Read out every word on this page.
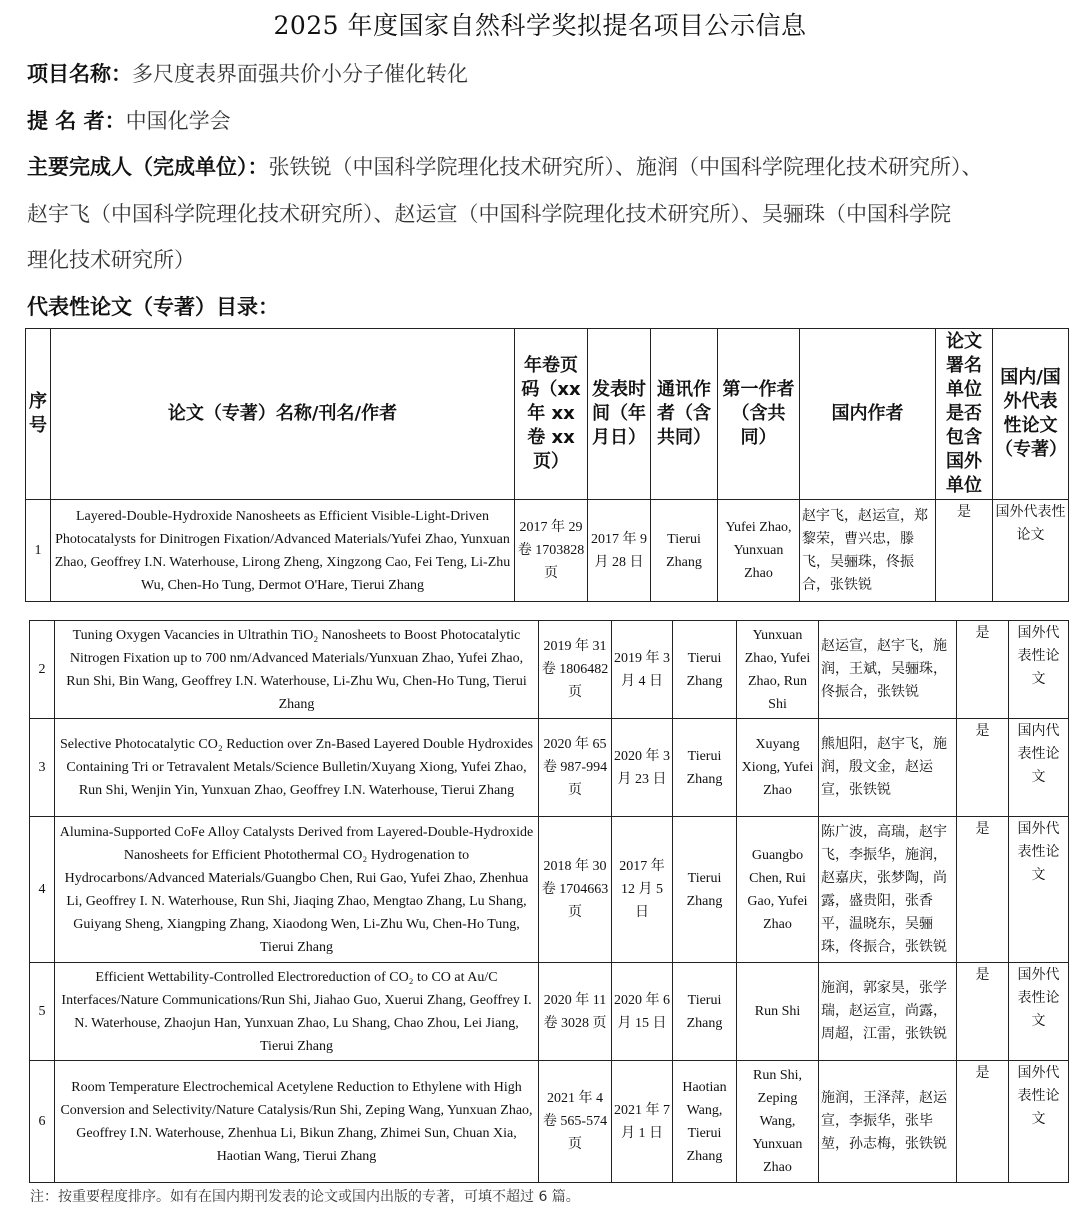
2025 年度国家自然科学奖拟提名项目公示信息
项目名称：多尺度表界面强共价小分子催化转化
提 名 者：中国化学会
主要完成人（完成单位）：张铁锐（中国科学院理化技术研究所）、施润（中国科学院理化技术研究所）、
赵宇飞（中国科学院理化技术研究所）、赵运宣（中国科学院理化技术研究所）、吴骊珠（中国科学院
理化技术研究所）
代表性论文（专著）目录：
序号	论文（专著）名称/刊名/作者	年卷页码（xx 年 xx 卷 xx 页）	发表时间（年月日）	通讯作者（含共同）	第一作者（含共同）	国内作者	论文署名单位是否包含国外单位	国内/国外代表性论文（专著）
1	Layered-Double-Hydroxide Nanosheets as Efficient Visible-Light-Driven Photocatalysts for Dinitrogen Fixation/Advanced Materials/Yufei Zhao, Yunxuan Zhao, Geoffrey I.N. Waterhouse, Lirong Zheng, Xingzong Cao, Fei Teng, Li-Zhu Wu, Chen-Ho Tung, Dermot O'Hare, Tierui Zhang	2017 年 29 卷 1703828 页	2017 年 9 月 28 日	Tierui Zhang	Yufei Zhao, Yunxuan Zhao	赵宇飞，赵运宣，郑黎荣，曹兴忠，滕飞，吴骊珠，佟振合，张铁锐	是	国外代表性论文
2	Tuning Oxygen Vacancies in Ultrathin TiO₂ Nanosheets to Boost Photocatalytic Nitrogen Fixation up to 700 nm/Advanced Materials/Yunxuan Zhao, Yufei Zhao, Run Shi, Bin Wang, Geoffrey I.N. Waterhouse, Li-Zhu Wu, Chen-Ho Tung, Tierui Zhang	2019 年 31 卷 1806482 页	2019 年 3 月 4 日	Tierui Zhang	Yunxuan Zhao, Yufei Zhao, Run Shi	赵运宣，赵宇飞，施润，王斌，吴骊珠，佟振合，张铁锐	是	国外代表性论文
3	Selective Photocatalytic CO₂ Reduction over Zn-Based Layered Double Hydroxides Containing Tri or Tetravalent Metals/Science Bulletin/Xuyang Xiong, Yufei Zhao, Run Shi, Wenjin Yin, Yunxuan Zhao, Geoffrey I.N. Waterhouse, Tierui Zhang	2020 年 65 卷 987-994 页	2020 年 3 月 23 日	Tierui Zhang	Xuyang Xiong, Yufei Zhao	熊旭阳，赵宇飞，施润，殷文金，赵运宣，张铁锐	是	国内代表性论文
4	Alumina-Supported CoFe Alloy Catalysts Derived from Layered-Double-Hydroxide Nanosheets for Efficient Photothermal CO₂ Hydrogenation to Hydrocarbons/Advanced Materials/Guangbo Chen, Rui Gao, Yufei Zhao, Zhenhua Li, Geoffrey I. N. Waterhouse, Run Shi, Jiaqing Zhao, Mengtao Zhang, Lu Shang, Guiyang Sheng, Xiangping Zhang, Xiaodong Wen, Li-Zhu Wu, Chen-Ho Tung, Tierui Zhang	2018 年 30 卷 1704663 页	2017 年 12 月 5 日	Tierui Zhang	Guangbo Chen, Rui Gao, Yufei Zhao	陈广波，高瑞，赵宇飞，李振华，施润，赵嘉庆，张梦陶，尚露，盛贵阳，张香平，温晓东，吴骊珠，佟振合，张铁锐	是	国外代表性论文
5	Efficient Wettability-Controlled Electroreduction of CO₂ to CO at Au/C Interfaces/Nature Communications/Run Shi, Jiahao Guo, Xuerui Zhang, Geoffrey I. N. Waterhouse, Zhaojun Han, Yunxuan Zhao, Lu Shang, Chao Zhou, Lei Jiang, Tierui Zhang	2020 年 11 卷 3028 页	2020 年 6 月 15 日	Tierui Zhang	Run Shi	施润，郭家昊，张学瑞，赵运宣，尚露，周超，江雷，张铁锐	是	国外代表性论文
6	Room Temperature Electrochemical Acetylene Reduction to Ethylene with High Conversion and Selectivity/Nature Catalysis/Run Shi, Zeping Wang, Yunxuan Zhao, Geoffrey I.N. Waterhouse, Zhenhua Li, Bikun Zhang, Zhimei Sun, Chuan Xia, Haotian Wang, Tierui Zhang	2021 年 4 卷 565-574 页	2021 年 7 月 1 日	Haotian Wang, Tierui Zhang	Run Shi, Zeping Wang, Yunxuan Zhao	施润，王泽萍，赵运宣，李振华，张毕堃，孙志梅，张铁锐	是	国外代表性论文
注：按重要程度排序。如有在国内期刊发表的论文或国内出版的专著，可填不超过 6 篇。
